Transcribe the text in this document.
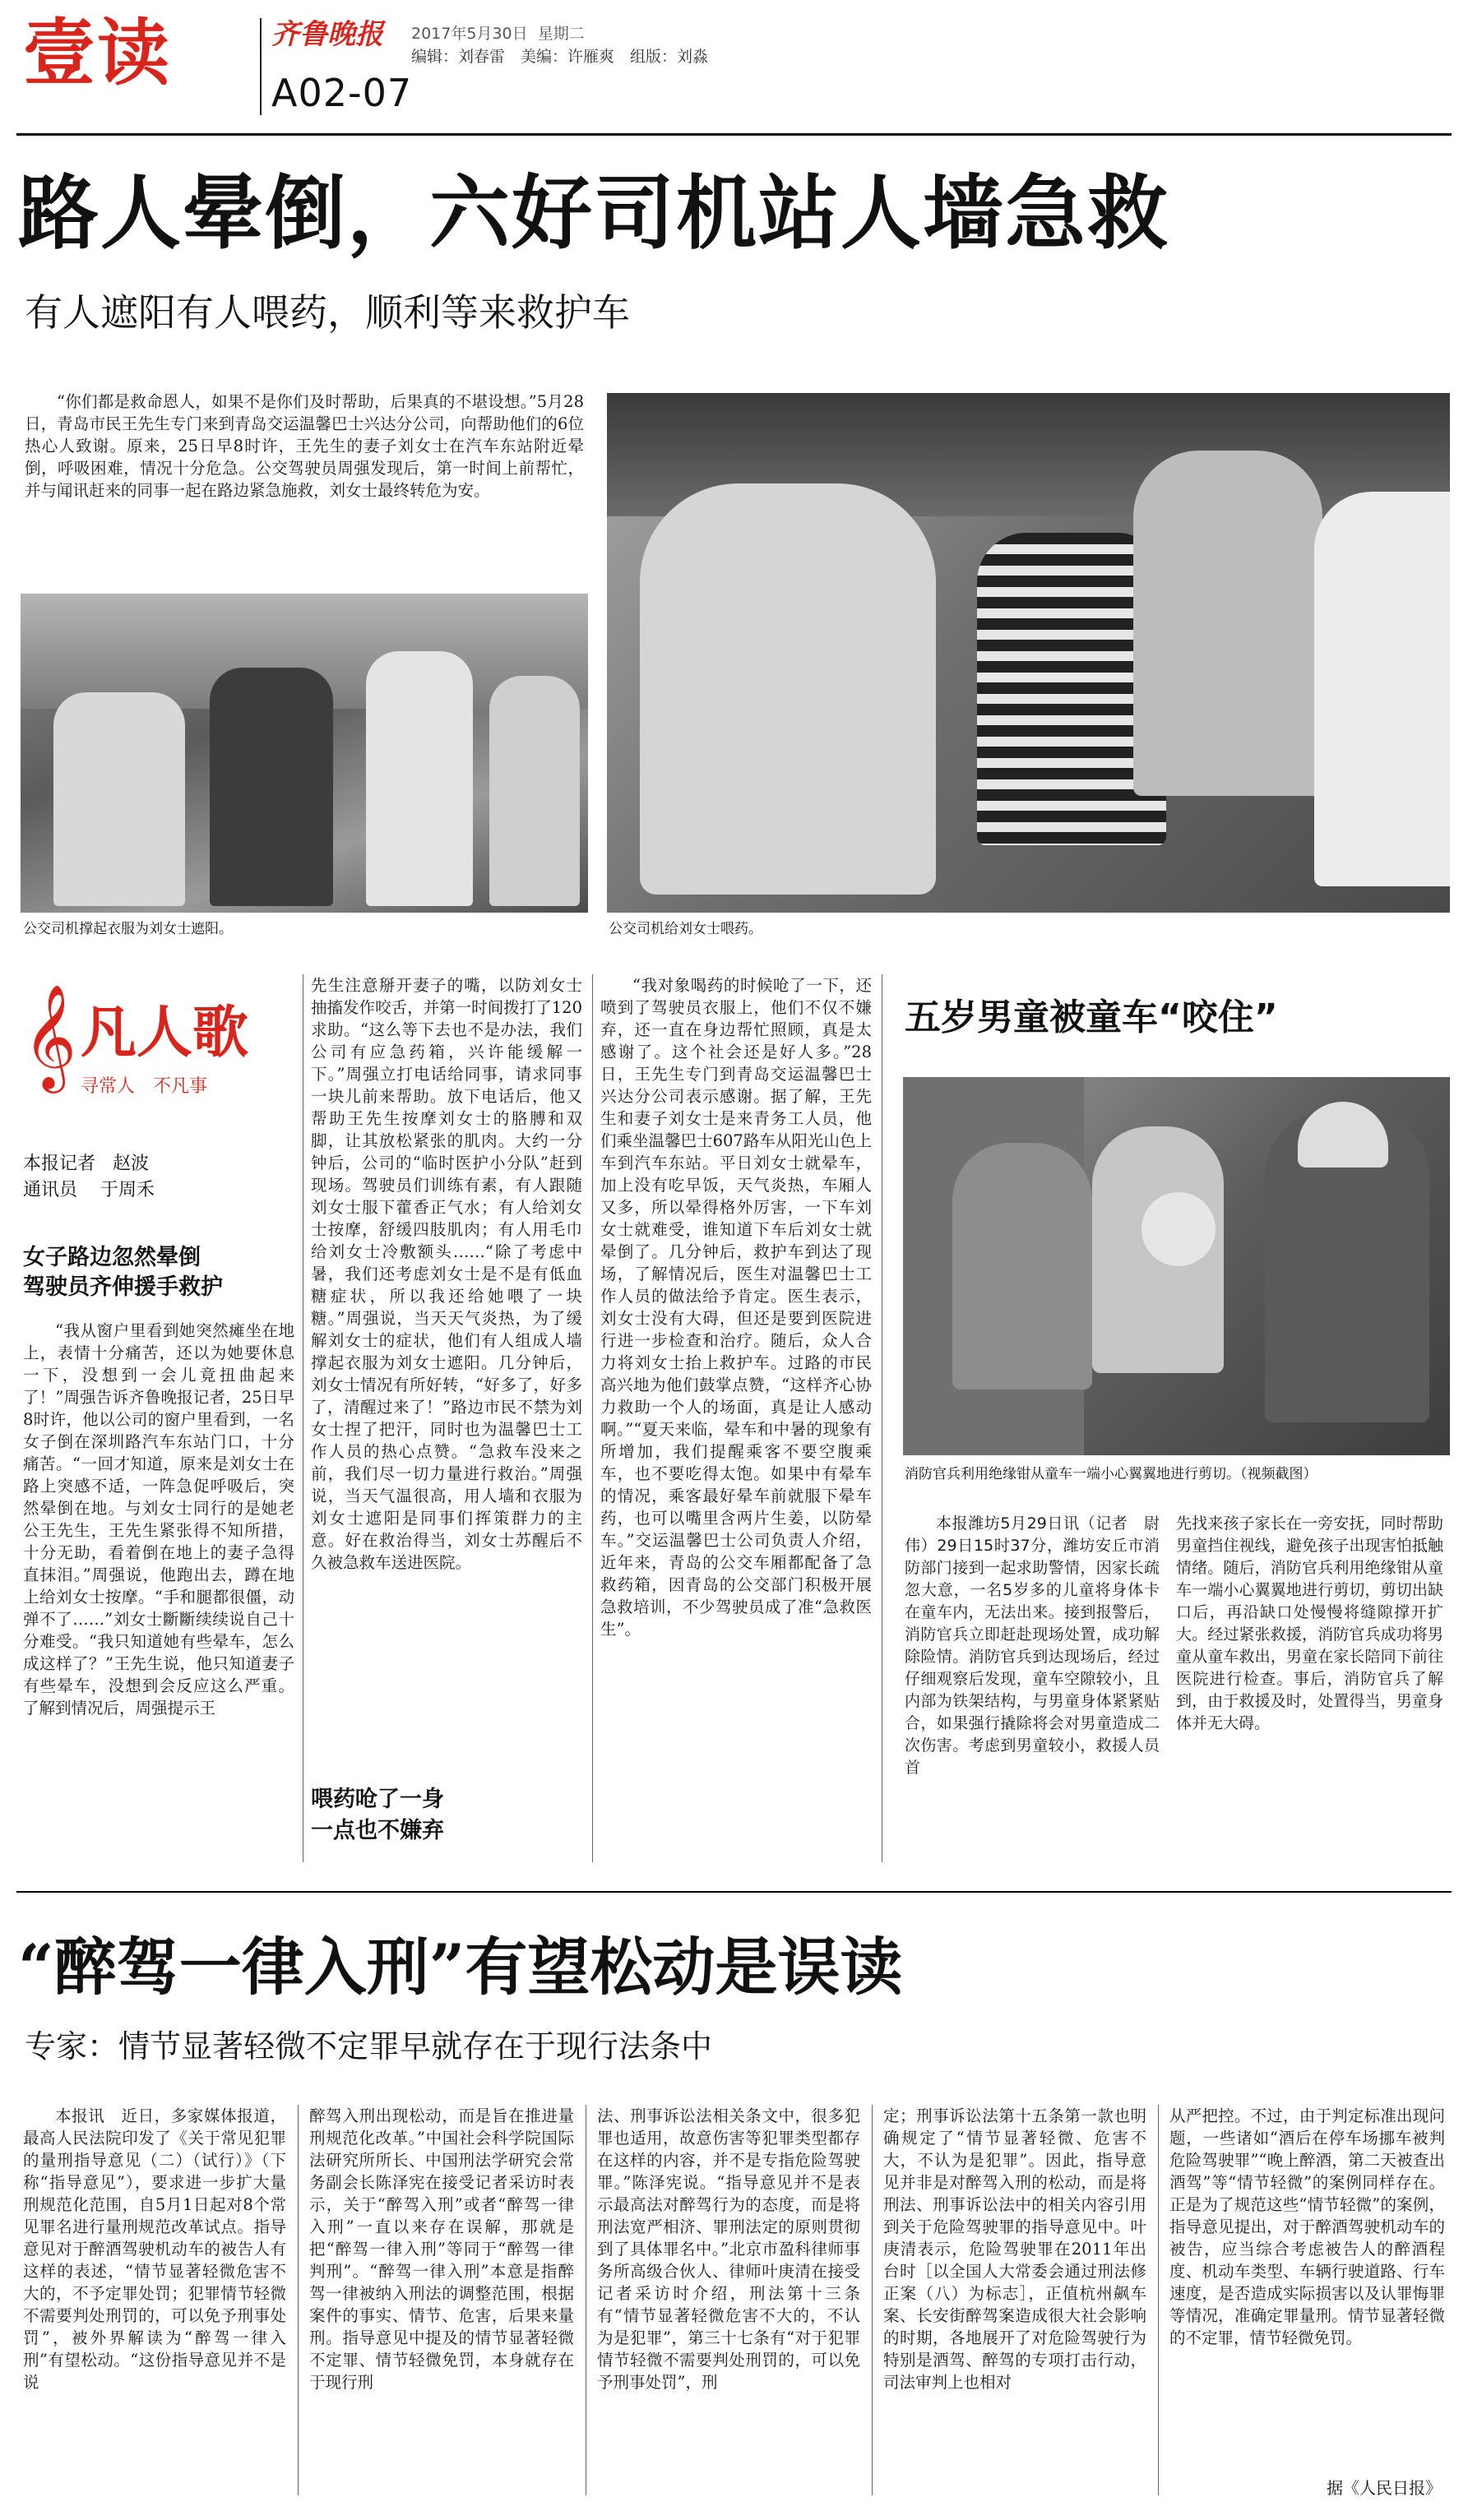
壹读	齐鲁晚报 2017年5月30日 星期二
编辑：刘春雷　美编：许雁爽　组版：刘淼
A02-07
路人晕倒，六好司机站人墙急救
有人遮阳有人喂药，顺利等来救护车

“你们都是救命恩人，如果不是你们及时帮助，后果真的不堪设想。”5月28日，青岛市民王先生专门来到青岛交运温馨巴士兴达分公司，向帮助他们的6位热心人致谢。原来，25日早8时许，王先生的妻子刘女士在汽车东站附近晕倒，呼吸困难，情况十分危急。公交驾驶员周强发现后，第一时间上前帮忙，并与闻讯赶来的同事一起在路边紧急施救，刘女士最终转危为安。

公交司机撑起衣服为刘女士遮阳。	公交司机给刘女士喂药。
𝄞 凡人歌
寻常人　不凡事
本报记者 赵波
通讯员 于周禾
女子路边忽然晕倒
驾驶员齐伸援手救护

“我从窗户里看到她突然瘫坐在地上，表情十分痛苦，还以为她要休息一下，没想到一会儿竟扭曲起来了！”周强告诉齐鲁晚报记者，25日早8时许，他以公司的窗户里看到，一名女子倒在深圳路汽车东站门口，十分痛苦。“一回才知道，原来是刘女士在路上突感不适，一阵急促呼吸后，突然晕倒在地。与刘女士同行的是她老公王先生，王先生紧张得不知所措，十分无助，看着倒在地上的妻子急得直抹泪。”周强说，他跑出去，蹲在地上给刘女士按摩。“手和腿都很僵，动弹不了……”刘女士斷斷续续说自己十分难受。“我只知道她有些晕车，怎么成这样了？”王先生说，他只知道妻子有些晕车，没想到会反应这么严重。了解到情况后，周强提示王

先生注意掰开妻子的嘴，以防刘女士抽搐发作咬舌，并第一时间拨打了120求助。“这么等下去也不是办法，我们公司有应急药箱，兴许能缓解一下。”周强立打电话给同事，请求同事一块儿前来帮助。放下电话后，他又帮助王先生按摩刘女士的胳膊和双脚，让其放松紧张的肌肉。大约一分钟后，公司的“临时医护小分队”赶到现场。驾驶员们训练有素，有人跟随刘女士服下藿香正气水；有人给刘女士按摩，舒缓四肢肌肉；有人用毛巾给刘女士冷敷额头……“除了考虑中暑，我们还考虑刘女士是不是有低血糖症状，所以我还给她喂了一块糖。”周强说，当天天气炎热，为了缓解刘女士的症状，他们有人组成人墙撑起衣服为刘女士遮阳。几分钟后，刘女士情况有所好转，“好多了，好多了，清醒过来了！”路边市民不禁为刘女士捏了把汗，同时也为温馨巴士工作人员的热心点赞。“急救车没来之前，我们尽一切力量进行救治。”周强说，当天气温很高，用人墙和衣服为刘女士遮阳是同事们挥策群力的主意。好在救治得当，刘女士苏醒后不久被急救车送进医院。

喂药呛了一身
一点也不嫌弃

“我对象喝药的时候呛了一下，还喷到了驾驶员衣服上，他们不仅不嫌弃，还一直在身边帮忙照顾，真是太感谢了。这个社会还是好人多。”28日，王先生专门到青岛交运温馨巴士兴达分公司表示感谢。据了解，王先生和妻子刘女士是来青务工人员，他们乘坐温馨巴士607路车从阳光山色上车到汽车东站。平日刘女士就晕车，加上没有吃早饭，天气炎热，车厢人又多，所以晕得格外厉害，一下车刘女士就难受，谁知道下车后刘女士就晕倒了。几分钟后，救护车到达了现场，了解情况后，医生对温馨巴士工作人员的做法给予肯定。医生表示，刘女士没有大碍，但还是要到医院进行进一步检查和治疗。随后，众人合力将刘女士抬上救护车。过路的市民高兴地为他们鼓掌点赞，“这样齐心协力救助一个人的场面，真是让人感动啊。”“夏天来临，晕车和中暑的现象有所增加，我们提醒乘客不要空腹乘车，也不要吃得太饱。如果中有晕车的情况，乘客最好晕车前就服下晕车药，也可以嘴里含两片生姜，以防晕车。”交运温馨巴士公司负责人介绍，近年来，青岛的公交车厢都配备了急救药箱，因青岛的公交部门积极开展急救培训，不少驾驶员成了准“急救医生”。

五岁男童被童车“咬住”
消防官兵利用绝缘钳从童车一端小心翼翼地进行剪切。（视频截图）

本报潍坊5月29日讯（记者　尉伟）29日15时37分，潍坊安丘市消防部门接到一起求助警情，因家长疏忽大意，一名5岁多的儿童将身体卡在童车内，无法出来。接到报警后，消防官兵立即赶赴现场处置，成功解除险情。消防官兵到达现场后，经过仔细观察后发现，童车空隙较小，且内部为铁架结构，与男童身体紧紧贴合，如果强行撬除将会对男童造成二次伤害。考虑到男童较小，救援人员首

先找来孩子家长在一旁安抚，同时帮助男童挡住视线，避免孩子出现害怕抵触情绪。随后，消防官兵利用绝缘钳从童车一端小心翼翼地进行剪切，剪切出缺口后，再沿缺口处慢慢将缝隙撑开扩大。经过紧张救援，消防官兵成功将男童从童车救出，男童在家长陪同下前往医院进行检查。事后，消防官兵了解到，由于救援及时，处置得当，男童身体并无大碍。

“醉驾一律入刑”有望松动是误读
专家：情节显著轻微不定罪早就存在于现行法条中

本报讯　近日，多家媒体报道，最高人民法院印发了《关于常见犯罪的量刑指导意见（二）（试行）》（下称“指导意见”），要求进一步扩大量刑规范化范围，自5月1日起对8个常见罪名进行量刑规范改革试点。指导意见对于醉酒驾驶机动车的被告人有这样的表述，“情节显著轻微危害不大的，不予定罪处罚；犯罪情节轻微不需要判处刑罚的，可以免予刑事处罚”，被外界解读为“醉驾一律入刑”有望松动。“这份指导意见并不是说

醉驾入刑出现松动，而是旨在推进量刑规范化改革。”中国社会科学院国际法研究所所长、中国刑法学研究会常务副会长陈泽宪在接受记者采访时表示，关于“醉驾入刑”或者“醉驾一律入刑”一直以来存在误解，那就是把“醉驾一律入刑”等同于“醉驾一律判刑”。“醉驾一律入刑”本意是指醉驾一律被纳入刑法的调整范围，根据案件的事实、情节、危害，后果来量刑。指导意见中提及的情节显著轻微不定罪、情节轻微免罚，本身就存在于现行刑

法、刑事诉讼法相关条文中，很多犯罪也适用，故意伤害等犯罪类型都存在这样的内容，并不是专指危险驾驶罪。”陈泽宪说。“指导意见并不是表示最高法对醉驾行为的态度，而是将刑法宽严相济、罪刑法定的原则贯彻到了具体罪名中。”北京市盈科律师事务所高级合伙人、律师叶庚清在接受记者采访时介绍，刑法第十三条有“情节显著轻微危害不大的，不认为是犯罪”，第三十七条有“对于犯罪情节轻微不需要判处刑罚的，可以免予刑事处罚”，刑

定；刑事诉讼法第十五条第一款也明确规定了“情节显著轻微、危害不大，不认为是犯罪”。因此，指导意见并非是对醉驾入刑的松动，而是将刑法、刑事诉讼法中的相关内容引用到关于危险驾驶罪的指导意见中。叶庚清表示，危险驾驶罪在2011年出台时［以全国人大常委会通过刑法修正案（八）为标志］，正值杭州飙车案、长安街醉驾案造成很大社会影响的时期，各地展开了对危险驾驶行为特别是酒驾、醉驾的专项打击行动，司法审判上也相对

从严把控。不过，由于判定标准出现问题，一些诸如“酒后在停车场挪车被判危险驾驶罪”“晚上醉酒，第二天被查出酒驾”等“情节轻微”的案例同样存在。正是为了规范这些“情节轻微”的案例，指导意见提出，对于醉酒驾驶机动车的被告，应当综合考虑被告人的醉酒程度、机动车类型、车辆行驶道路、行车速度，是否造成实际损害以及认罪悔罪等情况，准确定罪量刑。情节显著轻微的不定罪，情节轻微免罚。

据《人民日报》
